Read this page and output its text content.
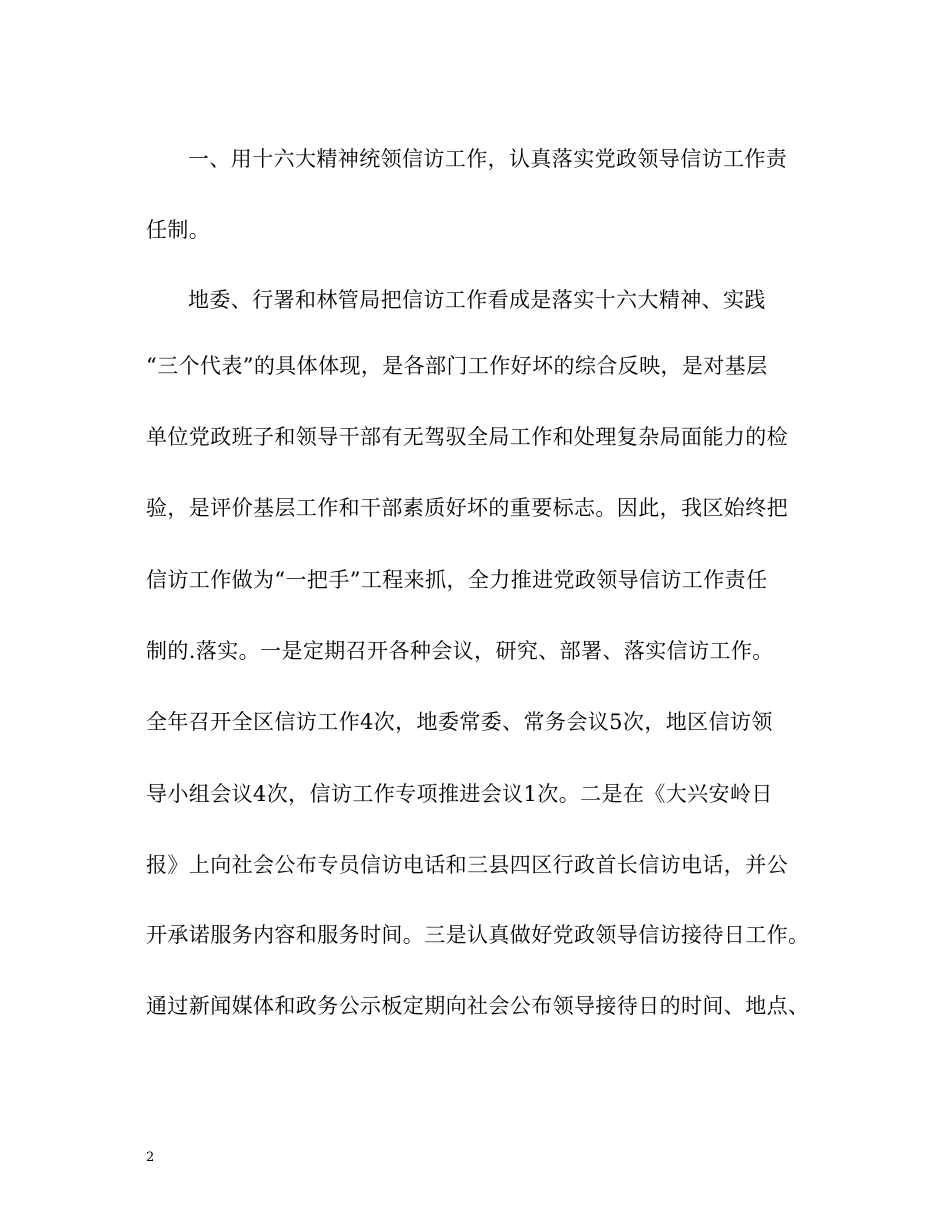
一、用十六大精神统领信访工作，认真落实党政领导信访工作责
任制。
地委、行署和林管局把信访工作看成是落实十六大精神、实践
“三个代表”的具体体现，是各部门工作好坏的综合反映，是对基层
单位党政班子和领导干部有无驾驭全局工作和处理复杂局面能力的检
验，是评价基层工作和干部素质好坏的重要标志。因此，我区始终把
信访工作做为“一把手”工程来抓，全力推进党政领导信访工作责任
制的.落实。一是定期召开各种会议，研究、部署、落实信访工作。
全年召开全区信访工作4次，地委常委、常务会议5次，地区信访领
导小组会议4次，信访工作专项推进会议1次。二是在《大兴安岭日
报》上向社会公布专员信访电话和三县四区行政首长信访电话，并公
开承诺服务内容和服务时间。三是认真做好党政领导信访接待日工作。
通过新闻媒体和政务公示板定期向社会公布领导接待日的时间、地点、
2
